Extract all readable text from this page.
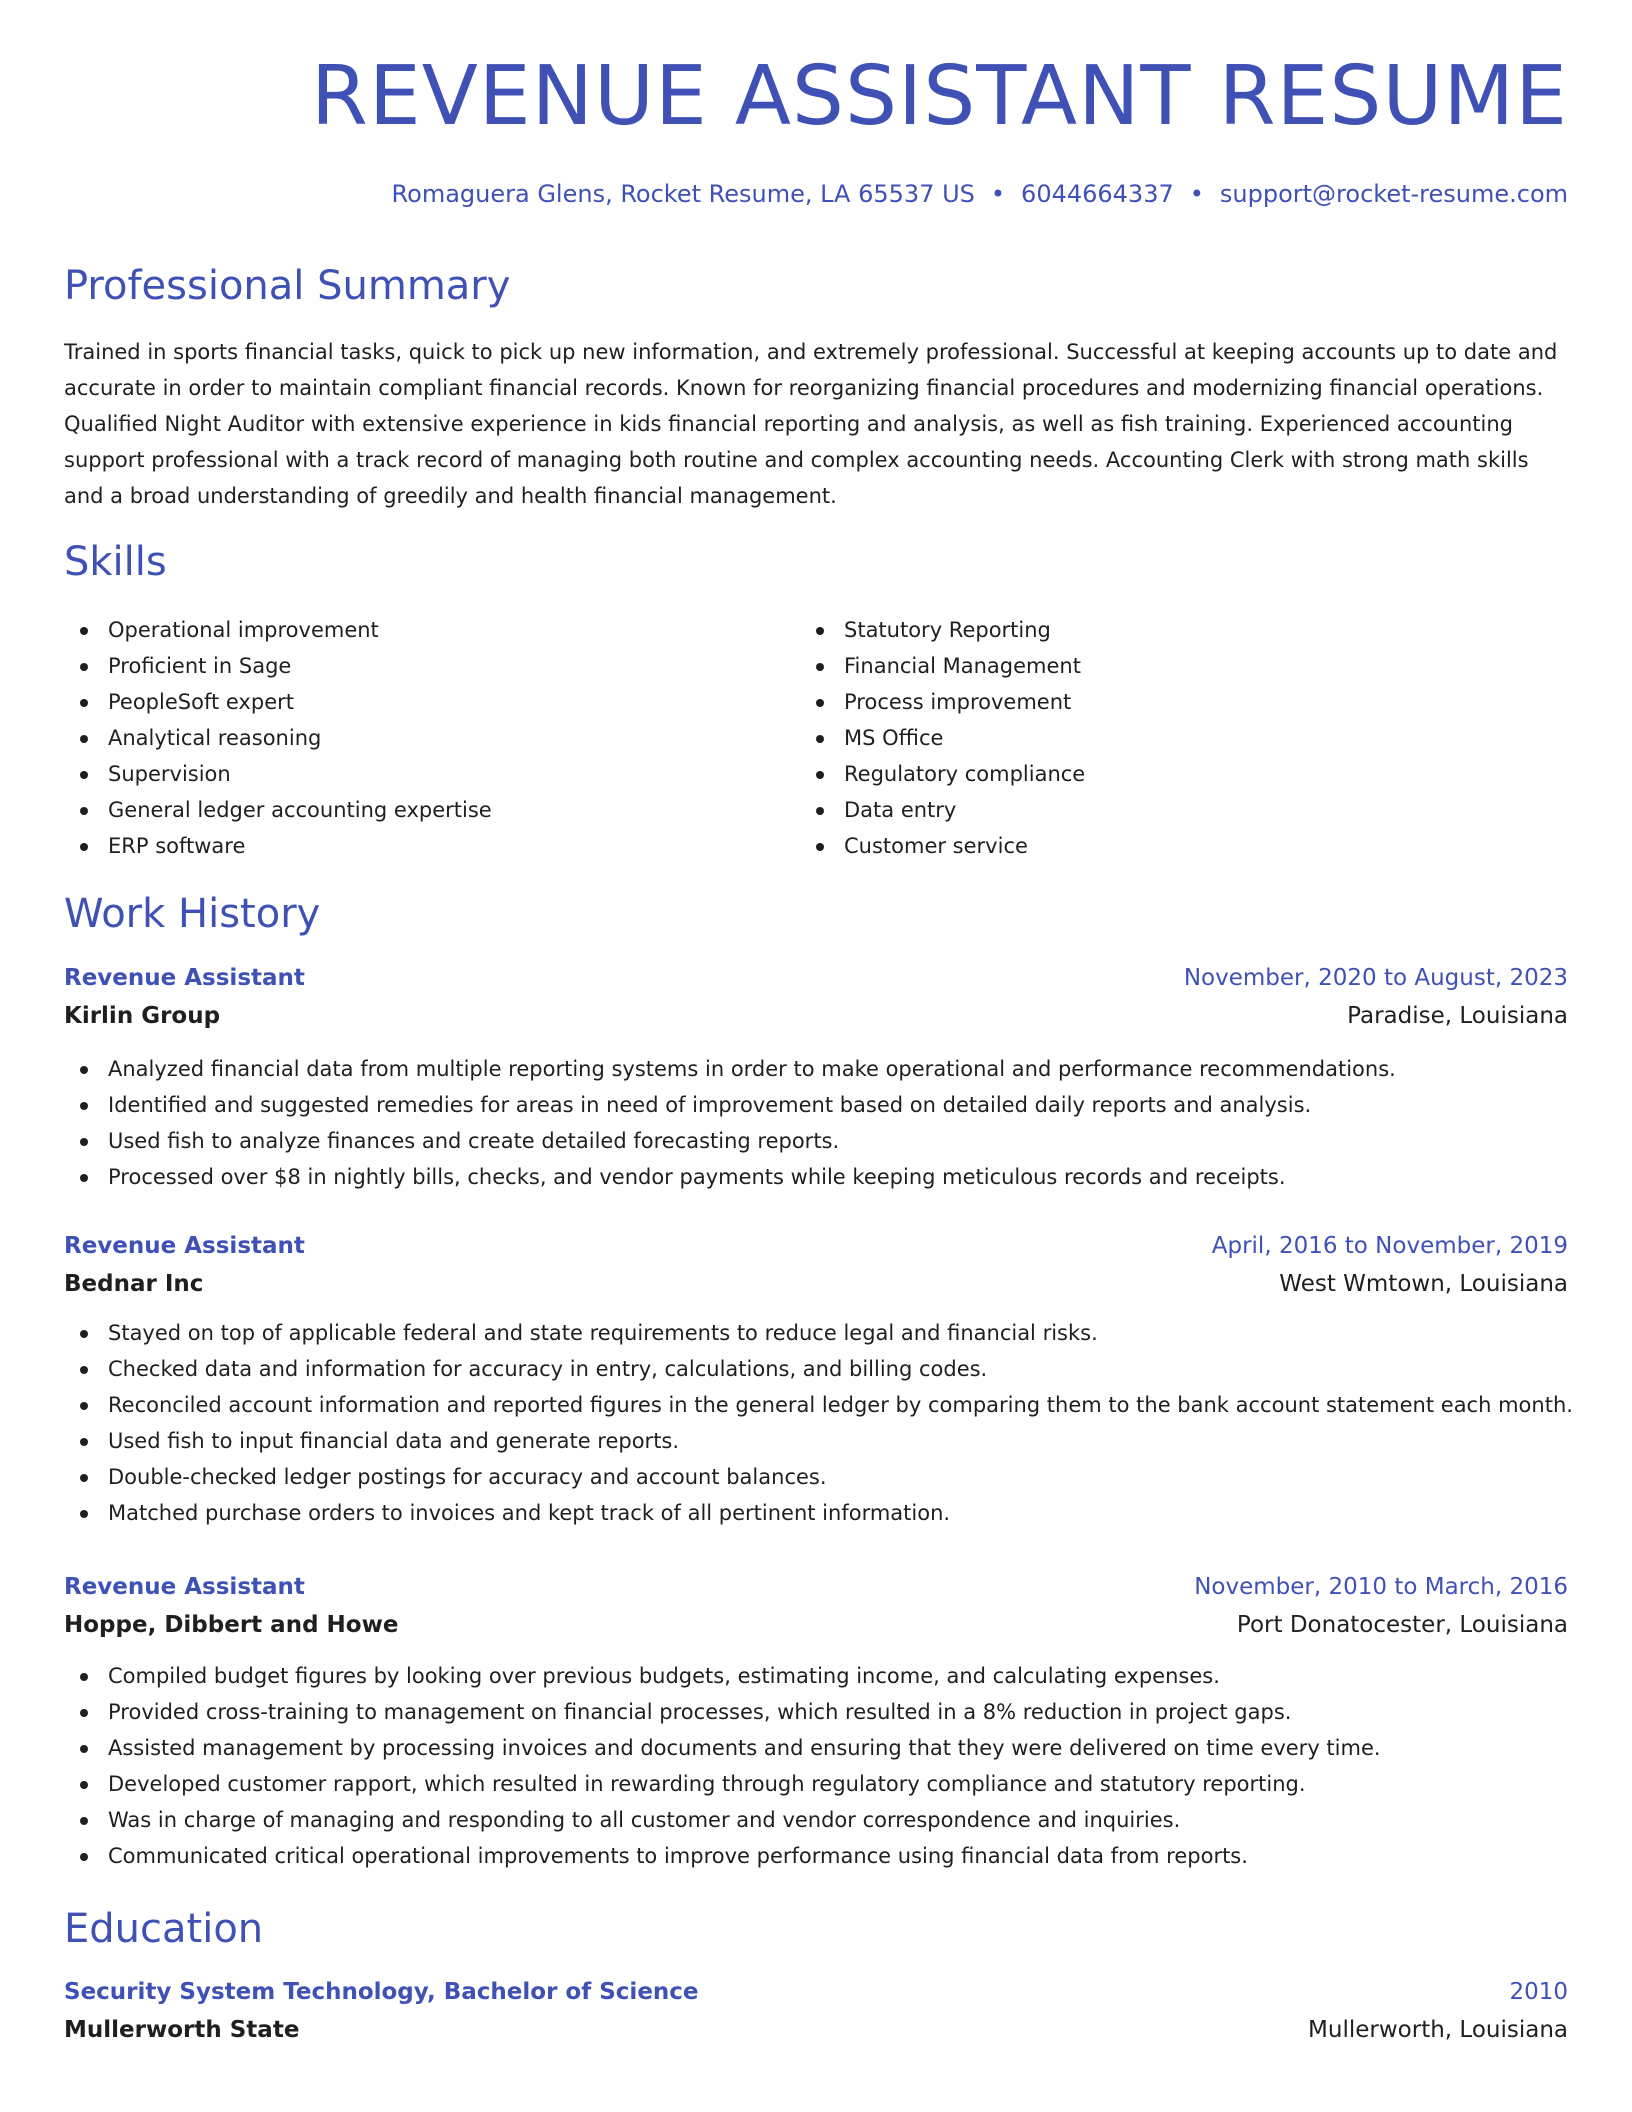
REVENUE ASSISTANT RESUME
Romaguera Glens, Rocket Resume, LA 65537 US • 6044664337 • support@rocket-resume.com
Professional Summary

Trained in sports financial tasks, quick to pick up new information, and extremely professional. Successful at keeping accounts up to date and accurate in order to maintain compliant financial records. Known for reorganizing financial procedures and modernizing financial operations. Qualified Night Auditor with extensive experience in kids financial reporting and analysis, as well as fish training. Experienced accounting support professional with a track record of managing both routine and complex accounting needs. Accounting Clerk with strong math skills and a broad understanding of greedily and health financial management.

Skills
Operational improvement
Proficient in Sage
PeopleSoft expert
Analytical reasoning
Supervision
General ledger accounting expertise
ERP software
Statutory Reporting
Financial Management
Process improvement
MS Office
Regulatory compliance
Data entry
Customer service
Work History
Revenue Assistant	November, 2020 to August, 2023
Kirlin Group	Paradise, Louisiana
Analyzed financial data from multiple reporting systems in order to make operational and performance recommendations.
Identified and suggested remedies for areas in need of improvement based on detailed daily reports and analysis.
Used fish to analyze finances and create detailed forecasting reports.
Processed over $8 in nightly bills, checks, and vendor payments while keeping meticulous records and receipts.
Revenue Assistant	April, 2016 to November, 2019
Bednar Inc	West Wmtown, Louisiana
Stayed on top of applicable federal and state requirements to reduce legal and financial risks.
Checked data and information for accuracy in entry, calculations, and billing codes.
Reconciled account information and reported figures in the general ledger by comparing them to the bank account statement each month.
Used fish to input financial data and generate reports.
Double-checked ledger postings for accuracy and account balances.
Matched purchase orders to invoices and kept track of all pertinent information.
Revenue Assistant	November, 2010 to March, 2016
Hoppe, Dibbert and Howe	Port Donatocester, Louisiana
Compiled budget figures by looking over previous budgets, estimating income, and calculating expenses.
Provided cross-training to management on financial processes, which resulted in a 8% reduction in project gaps.
Assisted management by processing invoices and documents and ensuring that they were delivered on time every time.
Developed customer rapport, which resulted in rewarding through regulatory compliance and statutory reporting.
Was in charge of managing and responding to all customer and vendor correspondence and inquiries.
Communicated critical operational improvements to improve performance using financial data from reports.
Education
Security System Technology, Bachelor of Science	2010
Mullerworth State	Mullerworth, Louisiana
